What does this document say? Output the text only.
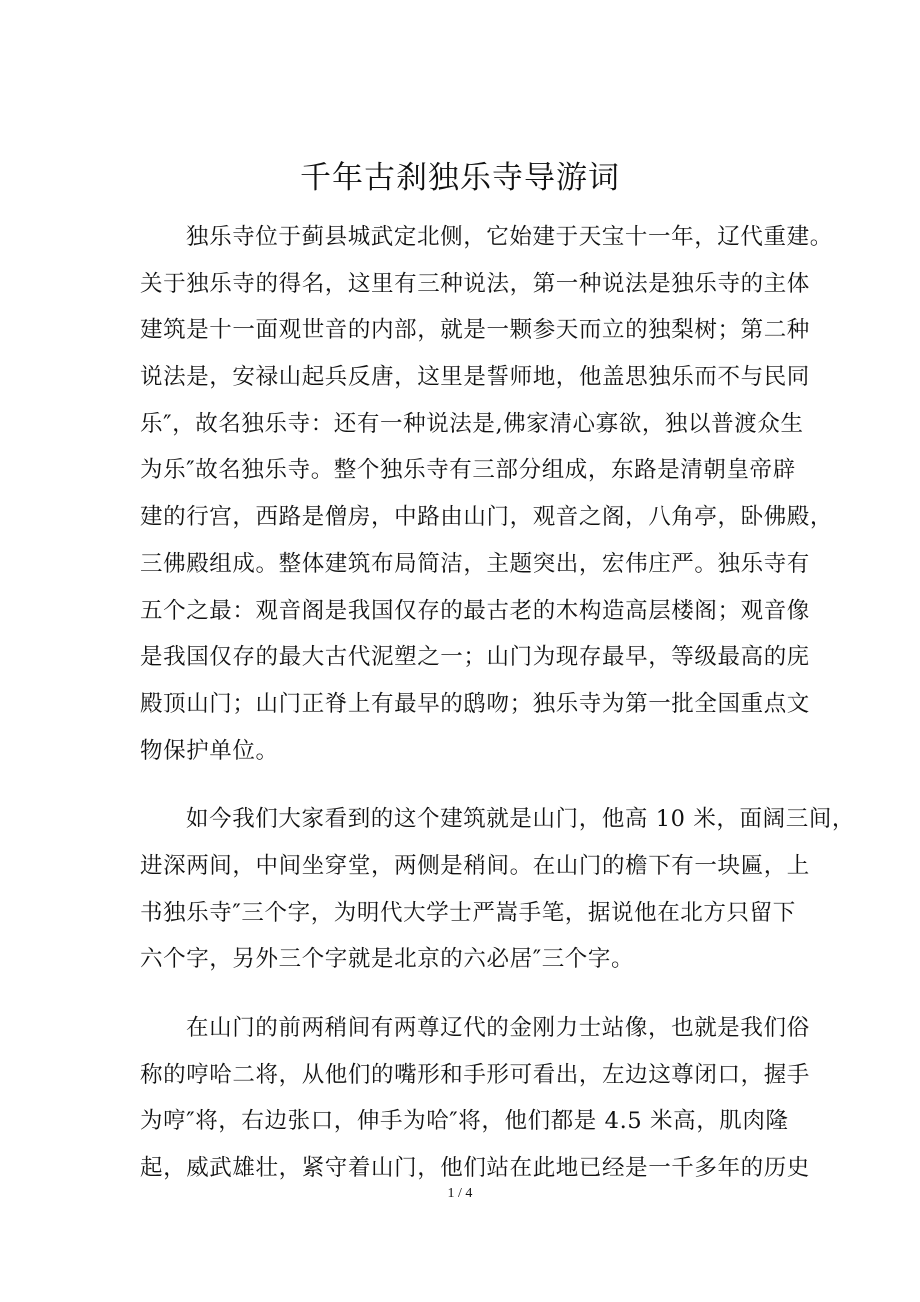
千年古刹独乐寺导游词
独乐寺位于蓟县城武定北侧，它始建于天宝十一年，辽代重建。
关于独乐寺的得名，这里有三种说法，第一种说法是独乐寺的主体
建筑是十一面观世音的内部，就是一颗参天而立的独梨树；第二种
说法是，安禄山起兵反唐，这里是誓师地，他盖思独乐而不与民同
乐″，故名独乐寺：还有一种说法是,佛家清心寡欲，独以普渡众生
为乐″故名独乐寺。整个独乐寺有三部分组成，东路是清朝皇帝辟
建的行宫，西路是僧房，中路由山门，观音之阁，八角亭，卧佛殿，
三佛殿组成。整体建筑布局简洁，主题突出，宏伟庄严。独乐寺有
五个之最：观音阁是我国仅存的最古老的木构造高层楼阁；观音像
是我国仅存的最大古代泥塑之一；山门为现存最早，等级最高的庑
殿顶山门；山门正脊上有最早的鸱吻；独乐寺为第一批全国重点文
物保护单位。
如今我们大家看到的这个建筑就是山门，他高 10 米，面阔三间，
进深两间，中间坐穿堂，两侧是稍间。在山门的檐下有一块匾，上
书独乐寺″三个字，为明代大学士严嵩手笔，据说他在北方只留下
六个字，另外三个字就是北京的六必居″三个字。
在山门的前两稍间有两尊辽代的金刚力士站像，也就是我们俗
称的哼哈二将，从他们的嘴形和手形可看出，左边这尊闭口，握手
为哼″将，右边张口，伸手为哈″将，他们都是 4.5 米高，肌肉隆
起，威武雄壮，紧守着山门，他们站在此地已经是一千多年的历史
1 / 4
